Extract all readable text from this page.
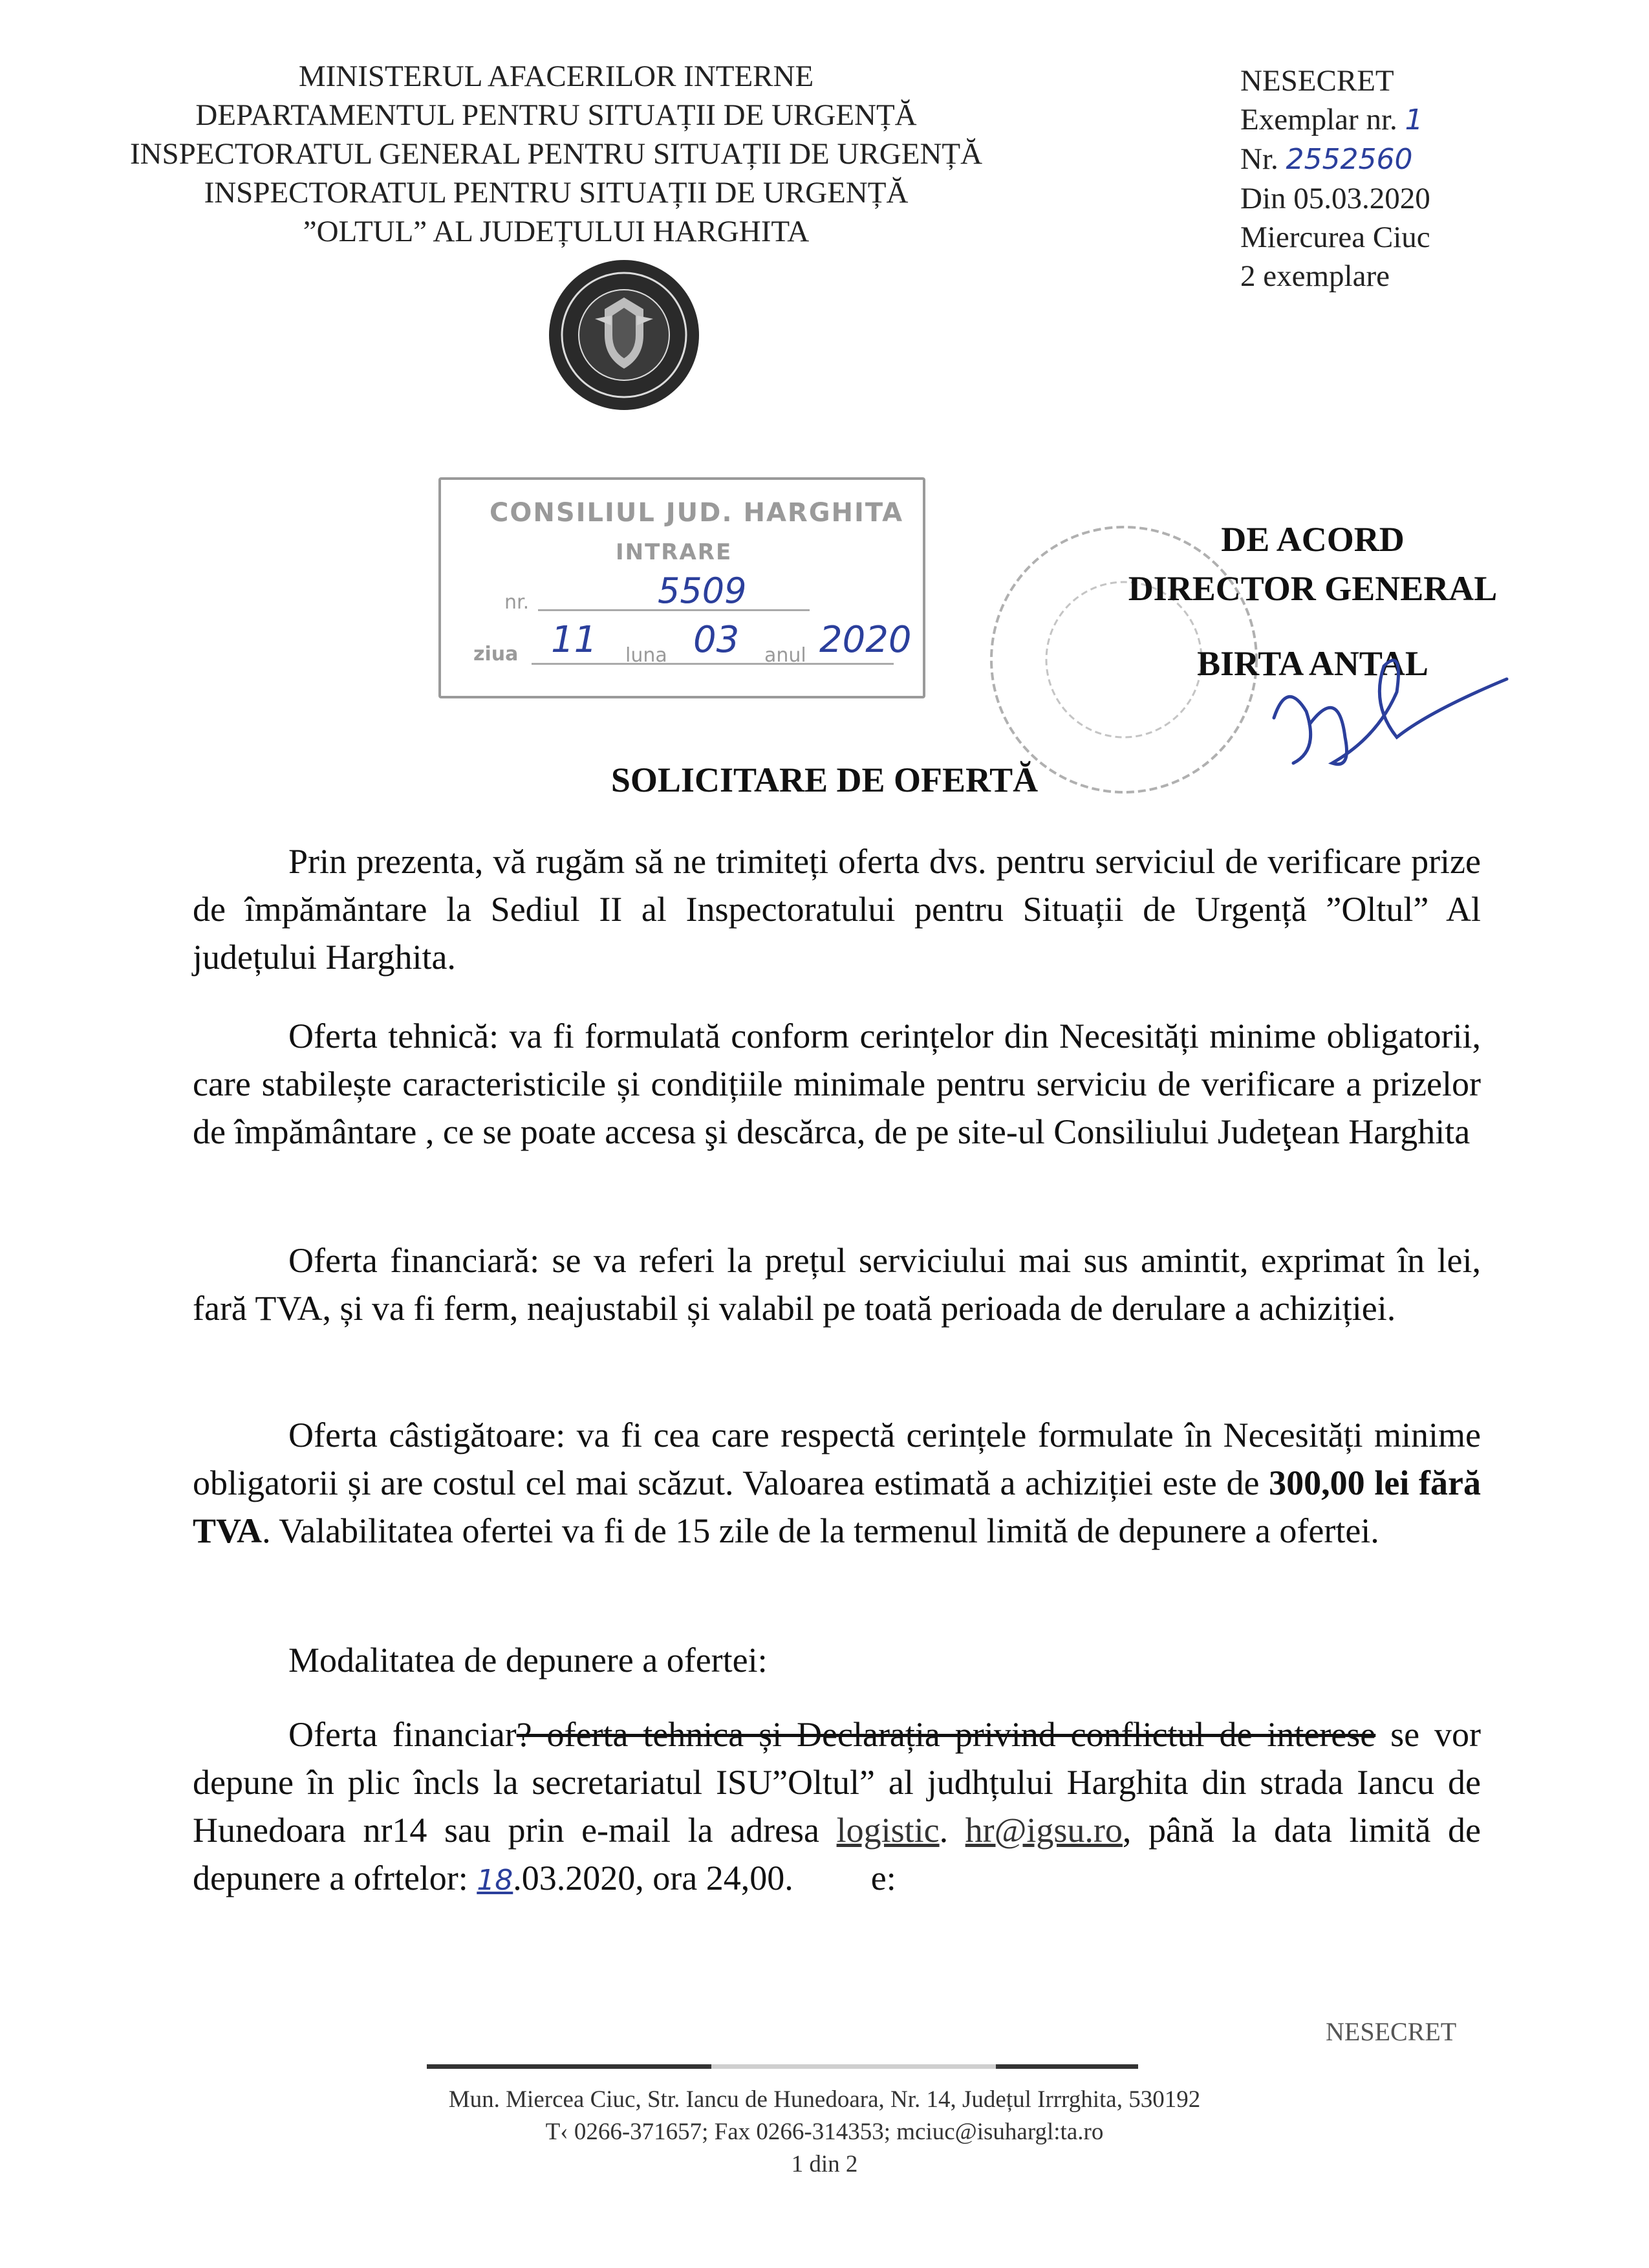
MINISTERUL AFACERILOR INTERNE
DEPARTAMENTUL PENTRU SITUAȚII DE URGENȚĂ
INSPECTORATUL GENERAL PENTRU SITUAȚII DE URGENȚĂ
INSPECTORATUL PENTRU SITUAȚII DE URGENȚĂ
”OLTUL” AL JUDEȚULUI HARGHITA
NESECRET
Exemplar nr. 1
Nr. 2552560
Din 05.03.2020
Miercurea Ciuc
2 exemplare
CONSILIUL JUD. HARGHITA
INTRARE
nr.	5509
ziua 11 luna 03 anul 2020
DE ACORD
DIRECTOR GENERAL
BIRTA ANTAL
SOLICITARE DE OFERTĂ

Prin prezenta, vă rugăm să ne trimiteți oferta dvs. pentru serviciul de verificare prize de împămăntare la Sediul II al Inspectoratului pentru Situații de Urgență ”Oltul” Al județului Harghita.

Oferta tehnică: va fi formulată conform cerințelor din Necesități minime obligatorii, care stabilește caracteristicile și condițiile minimale pentru serviciu de verificare a prizelor de împământare , ce se poate accesa şi descărca, de pe site-ul Consiliului Judeţean Harghita

Oferta financiară: se va referi la prețul serviciului mai sus amintit, exprimat în lei, fară TVA, și va fi ferm, neajustabil și valabil pe toată perioada de derulare a achiziției.

Oferta câstigătoare: va fi cea care respectă cerințele formulate în Necesități minime obligatorii și are costul cel mai scăzut. Valoarea estimată a achiziției este de 300,00 lei fără TVA. Valabilitatea ofertei va fi de 15 zile de la termenul limită de depunere a ofertei.

Modalitatea de depunere a ofertei:

Oferta financiar? oferta tehnica și Declarația privind conflictul de interese se vor depune în plic încls la secretariatul ISU”Oltul” al judhțului Harghita din strada Iancu de Hunedoara nr14 sau prin e-mail la adresa logistic. hr@igsu.ro, până la data limită de depunere a ofrtelor: 18.03.2020, ora 24,00. e:

NESECRET
Mun. Miercea Ciuc, Str. Iancu de Hunedoara, Nr. 14, Județul Irrrghita, 530192
T‹ 0266-371657; Fax 0266-314353; mciuc@isuhargl:ta.ro
1 din 2
